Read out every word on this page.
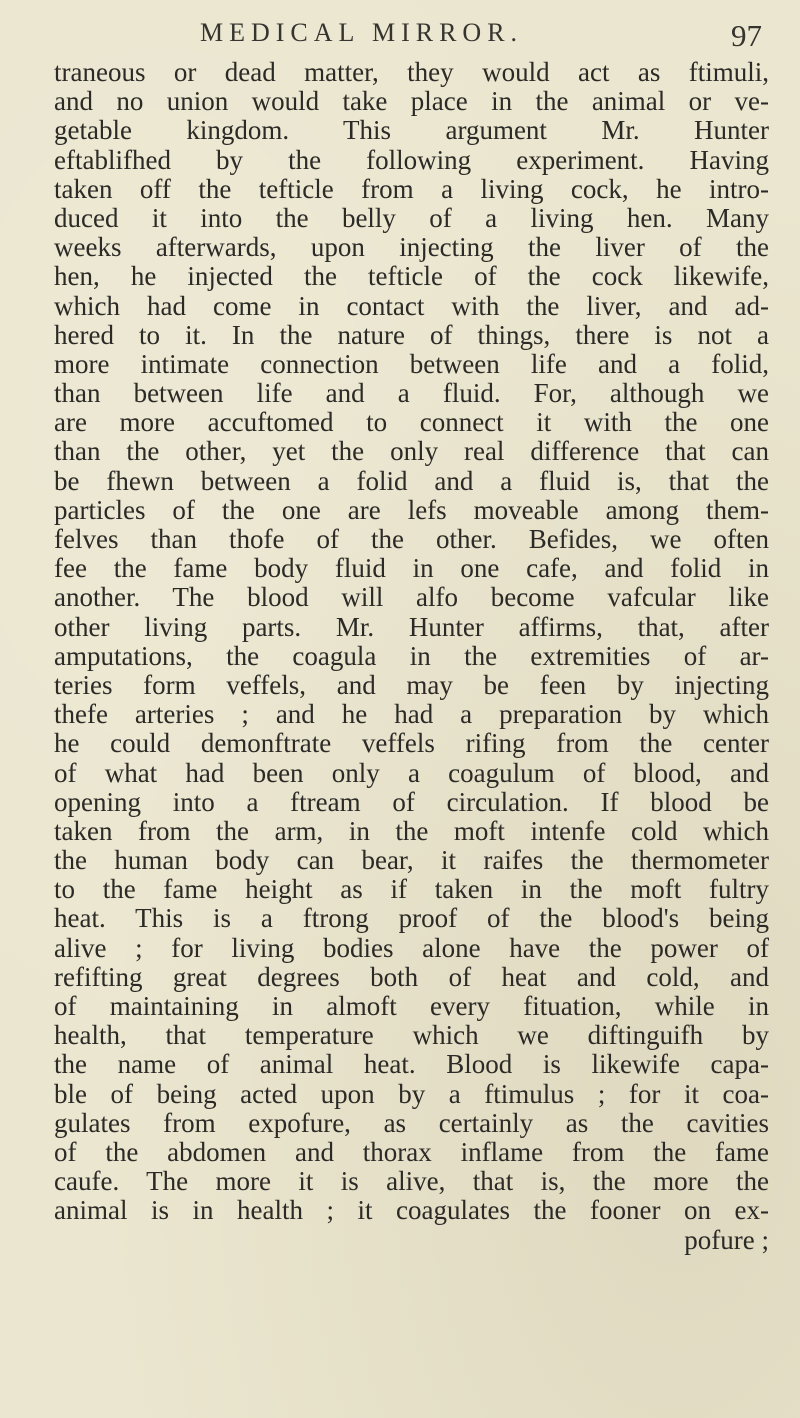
MEDICAL MIRROR.	97
traneous or dead matter, they would act as ftimuli,
and no union would take place in the animal or ve-
getable kingdom. This argument Mr. Hunter
eftablifhed by the following experiment. Having
taken off the tefticle from a living cock, he intro-
duced it into the belly of a living hen. Many
weeks afterwards, upon injecting the liver of the
hen, he injected the tefticle of the cock likewife,
which had come in contact with the liver, and ad-
hered to it. In the nature of things, there is not a
more intimate connection between life and a folid,
than between life and a fluid. For, although we
are more accuftomed to connect it with the one
than the other, yet the only real difference that can
be fhewn between a folid and a fluid is, that the
particles of the one are lefs moveable among them-
felves than thofe of the other. Befides, we often
fee the fame body fluid in one cafe, and folid in
another. The blood will alfo become vafcular like
other living parts. Mr. Hunter affirms, that, after
amputations, the coagula in the extremities of ar-
teries form veffels, and may be feen by injecting
thefe arteries ; and he had a preparation by which
he could demonftrate veffels rifing from the center
of what had been only a coagulum of blood, and
opening into a ftream of circulation. If blood be
taken from the arm, in the moft intenfe cold which
the human body can bear, it raifes the thermometer
to the fame height as if taken in the moft fultry
heat. This is a ftrong proof of the blood's being
alive ; for living bodies alone have the power of
refifting great degrees both of heat and cold, and
of maintaining in almoft every fituation, while in
health, that temperature which we diftinguifh by
the name of animal heat. Blood is likewife capa-
ble of being acted upon by a ftimulus ; for it coa-
gulates from expofure, as certainly as the cavities
of the abdomen and thorax inflame from the fame
caufe. The more it is alive, that is, the more the
animal is in health ; it coagulates the fooner on ex-
pofure ;
